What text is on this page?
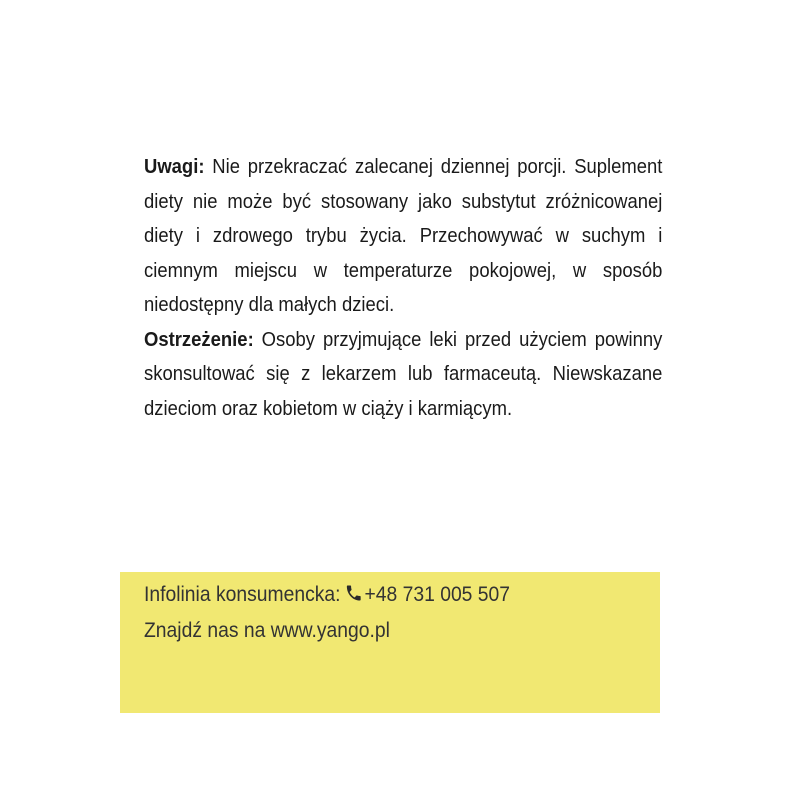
Uwagi: Nie przekraczać zalecanej dziennej porcji. Suplement diety nie może być stosowany jako substytut zróżnicowanej diety i zdrowego trybu życia. Przechowywać w suchym i ciemnym miejscu w temperaturze pokojowej, w sposób niedostępny dla małych dzieci.

Ostrzeżenie: Osoby przyjmujące leki przed użyciem powinny skonsultować się z lekarzem lub farmaceutą. Niewskazane dzieciom oraz kobietom w ciąży i karmiącym.

Infolinia konsumencka: +48 731 005 507
Znajdź nas na www.yango.pl
